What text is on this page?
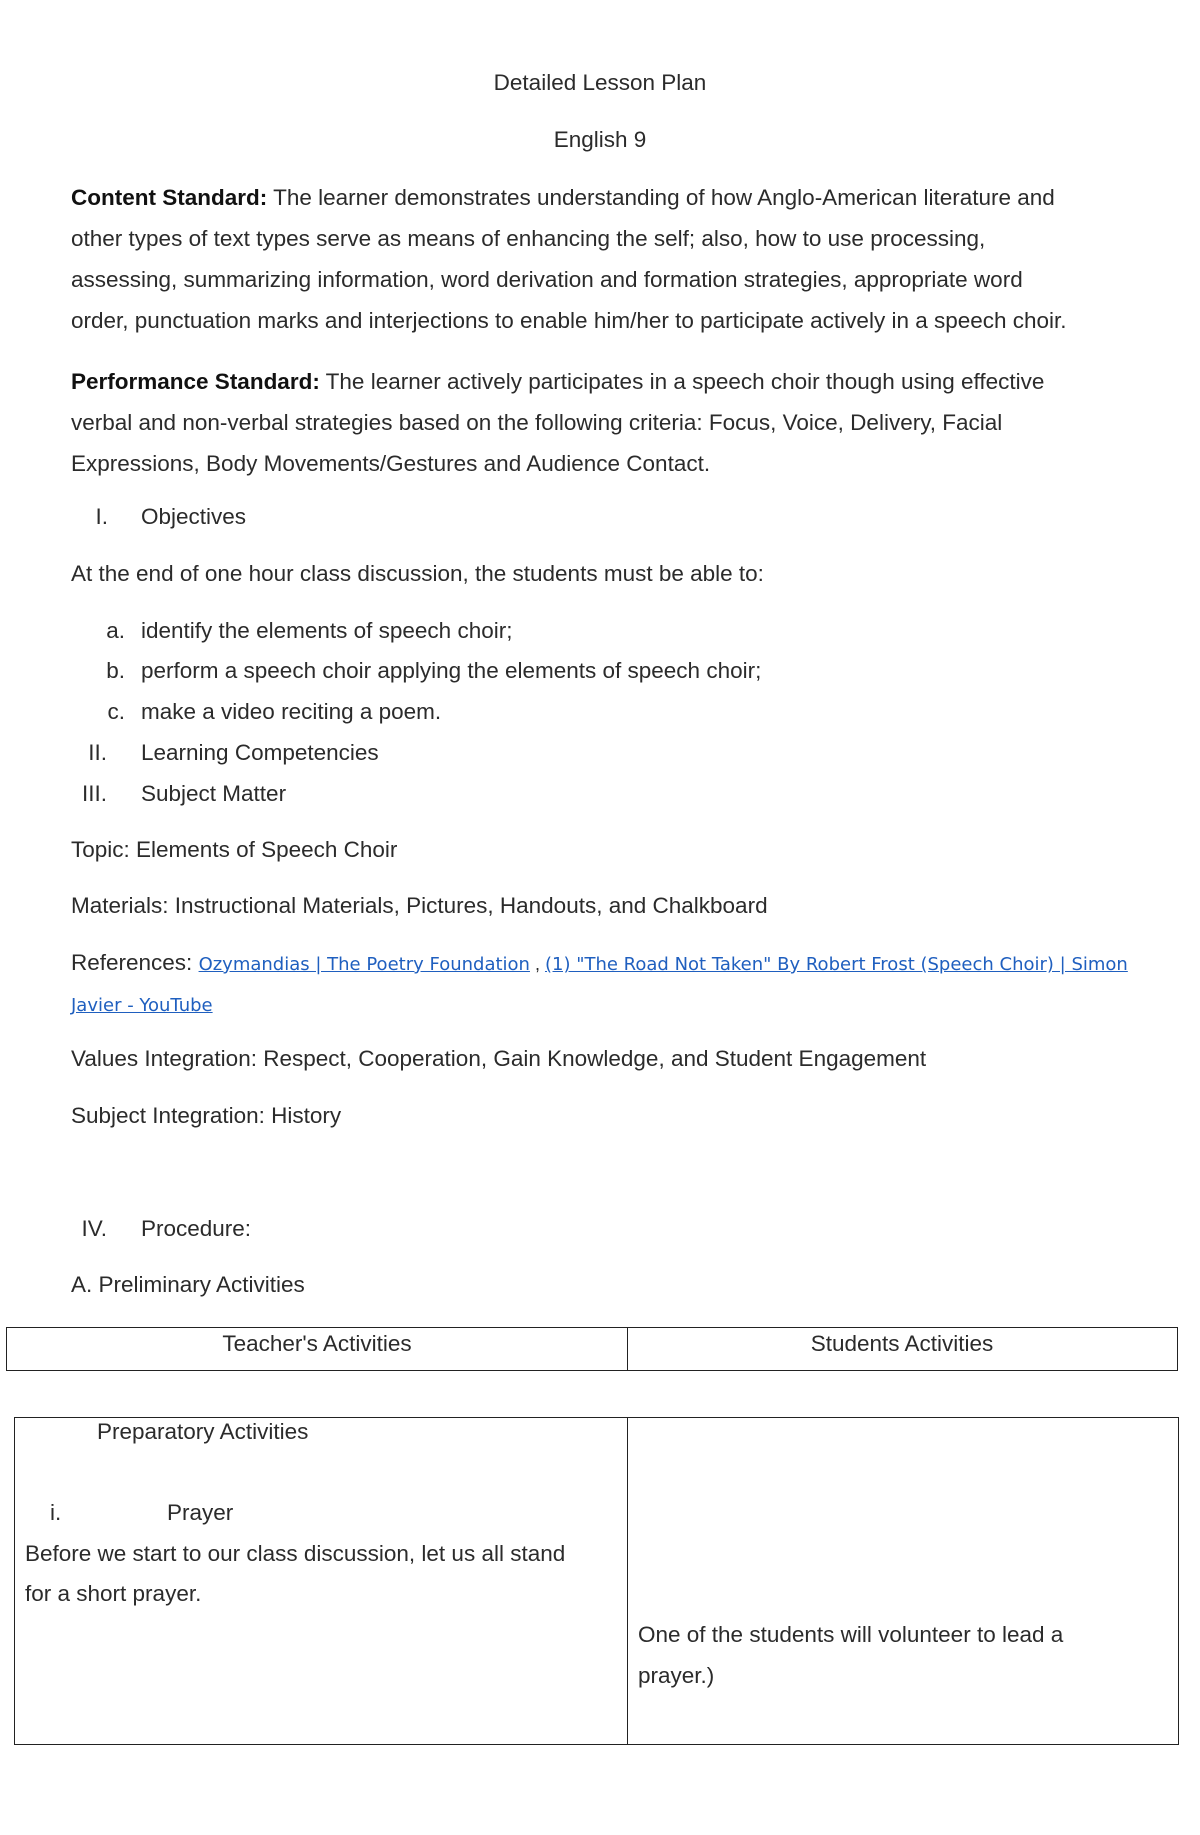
Detailed Lesson Plan
English 9
Content Standard: The learner demonstrates understanding of how Anglo-American literature and
other types of text types serve as means of enhancing the self; also, how to use processing,
assessing, summarizing information, word derivation and formation strategies, appropriate word
order, punctuation marks and interjections to enable him/her to participate actively in a speech choir.
Performance Standard: The learner actively participates in a speech choir though using effective
verbal and non-verbal strategies based on the following criteria: Focus, Voice, Delivery, Facial
Expressions, Body Movements/Gestures and Audience Contact.
I. Objectives
At the end of one hour class discussion, the students must be able to:
a. identify the elements of speech choir;
b. perform a speech choir applying the elements of speech choir;
c. make a video reciting a poem.
II. Learning Competencies
III. Subject Matter
Topic: Elements of Speech Choir
Materials: Instructional Materials, Pictures, Handouts, and Chalkboard
References: Ozymandias | The Poetry Foundation , (1) "The Road Not Taken" By Robert Frost (Speech Choir) | Simon
Javier - YouTube
Values Integration: Respect, Cooperation, Gain Knowledge, and Student Engagement
Subject Integration: History
IV. Procedure:
A. Preliminary Activities
Teacher's Activities	Students Activities
Preparatory Activities
i.	Prayer
Before we start to our class discussion, let us all stand
for a short prayer.
One of the students will volunteer to lead a
prayer.)
